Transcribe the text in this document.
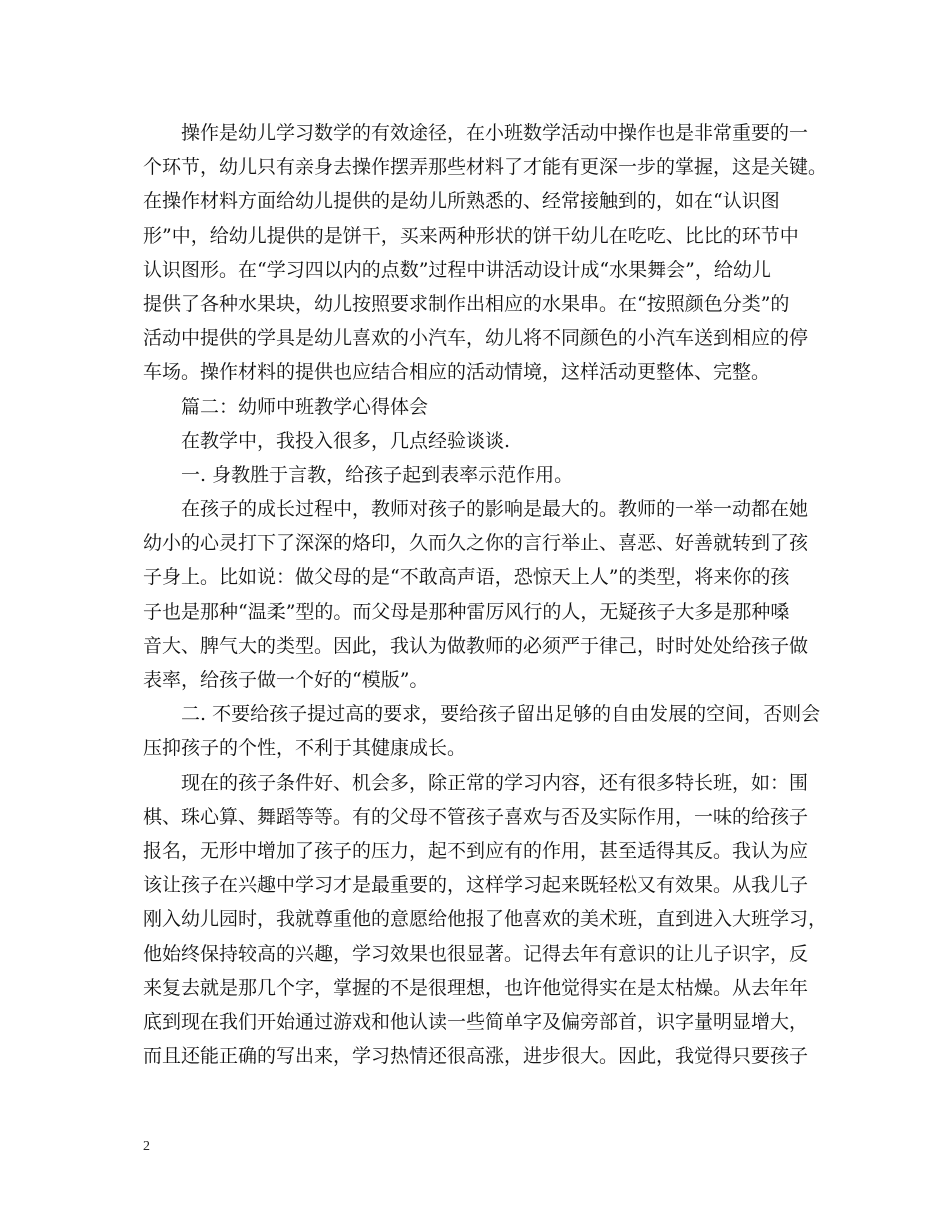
操作是幼儿学习数学的有效途径，在小班数学活动中操作也是非常重要的一
个环节，幼儿只有亲身去操作摆弄那些材料了才能有更深一步的掌握，这是关键。
在操作材料方面给幼儿提供的是幼儿所熟悉的、经常接触到的，如在“认识图
形”中，给幼儿提供的是饼干，买来两种形状的饼干幼儿在吃吃、比比的环节中
认识图形。在“学习四以内的点数”过程中讲活动设计成“水果舞会”，给幼儿
提供了各种水果块，幼儿按照要求制作出相应的水果串。在“按照颜色分类”的
活动中提供的学具是幼儿喜欢的小汽车，幼儿将不同颜色的小汽车送到相应的停
车场。操作材料的提供也应结合相应的活动情境，这样活动更整体、完整。
篇二：幼师中班教学心得体会
在教学中，我投入很多，几点经验谈谈.
一. 身教胜于言教，给孩子起到表率示范作用。
在孩子的成长过程中，教师对孩子的影响是最大的。教师的一举一动都在她
幼小的心灵打下了深深的烙印，久而久之你的言行举止、喜恶、好善就转到了孩
子身上。比如说：做父母的是“不敢高声语，恐惊天上人”的类型，将来你的孩
子也是那种“温柔”型的。而父母是那种雷厉风行的人，无疑孩子大多是那种嗓
音大、脾气大的类型。因此，我认为做教师的必须严于律己，时时处处给孩子做
表率，给孩子做一个好的“模版”。
二. 不要给孩子提过高的要求，要给孩子留出足够的自由发展的空间，否则会
压抑孩子的个性，不利于其健康成长。
现在的孩子条件好、机会多，除正常的学习内容，还有很多特长班，如：围
棋、珠心算、舞蹈等等。有的父母不管孩子喜欢与否及实际作用，一味的给孩子
报名，无形中增加了孩子的压力，起不到应有的作用，甚至适得其反。我认为应
该让孩子在兴趣中学习才是最重要的，这样学习起来既轻松又有效果。从我儿子
刚入幼儿园时，我就尊重他的意愿给他报了他喜欢的美术班，直到进入大班学习，
他始终保持较高的兴趣，学习效果也很显著。记得去年有意识的让儿子识字，反
来复去就是那几个字，掌握的不是很理想，也许他觉得实在是太枯燥。从去年年
底到现在我们开始通过游戏和他认读一些简单字及偏旁部首，识字量明显增大，
而且还能正确的写出来，学习热情还很高涨，进步很大。因此，我觉得只要孩子
2
